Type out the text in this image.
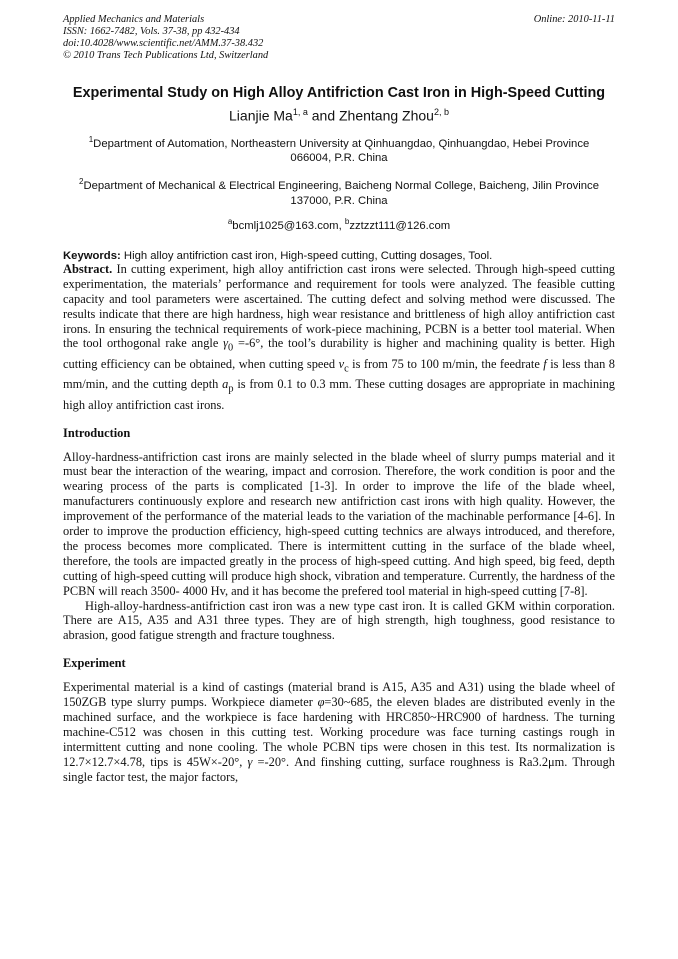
Applied Mechanics and Materials
ISSN: 1662-7482, Vols. 37-38, pp 432-434
doi:10.4028/www.scientific.net/AMM.37-38.432
© 2010 Trans Tech Publications Ltd, Switzerland
Online: 2010-11-11
Experimental Study on High Alloy Antifriction Cast Iron in High-Speed Cutting
Lianjie Ma$^{1, a}$ and Zhentang Zhou$^{2, b}$
$^1$Department of Automation, Northeastern University at Qinhuangdao, Qinhuangdao, Hebei Province 066004, P.R. China
$^2$Department of Mechanical & Electrical Engineering, Baicheng Normal College, Baicheng, Jilin Province 137000, P.R. China
$^a$bcmlj1025@163.com, $^b$zztzzt111@126.com
Keywords: High alloy antifriction cast iron, High-speed cutting, Cutting dosages, Tool.

Abstract. In cutting experiment, high alloy antifriction cast irons were selected. Through high-speed cutting experimentation, the materials’ performance and requirement for tools were analyzed. The feasible cutting capacity and tool parameters were ascertained. The cutting defect and solving method were discussed. The results indicate that there are high hardness, high wear resistance and brittleness of high alloy antifriction cast irons. In ensuring the technical requirements of work-piece machining, PCBN is a better tool material. When the tool orthogonal rake angle $\gamma_0 =-6^\circ$, the tool’s durability is higher and machining quality is better. High cutting efficiency can be obtained, when cutting speed $v_c$ is from 75 to 100 m/min, the feedrate f is less than 8 mm/min, and the cutting depth $a_p$ is from 0.1 to 0.3 mm. These cutting dosages are appropriate in machining high alloy antifriction cast irons.

Introduction

Alloy-hardness-antifriction cast irons are mainly selected in the blade wheel of slurry pumps material and it must bear the interaction of the wearing, impact and corrosion. Therefore, the work condition is poor and the wearing process of the parts is complicated [1-3]. In order to improve the life of the blade wheel, manufacturers continuously explore and research new antifriction cast irons with high quality. However, the improvement of the performance of the material leads to the variation of the machinable performance [4-6]. In order to improve the production efficiency, high-speed cutting technics are always introduced, and therefore, the process becomes more complicated. There is intermittent cutting in the surface of the blade wheel, therefore, the tools are impacted greatly in the process of high-speed cutting. And high speed, big feed, depth cutting of high-speed cutting will produce high shock, vibration and temperature. Currently, the hardness of the PCBN will reach 3500- 4000 Hv, and it has become the prefered tool material in high-speed cutting [7-8].

High-alloy-hardness-antifriction cast iron was a new type cast iron. It is called GKM within corporation. There are A15, A35 and A31 three types. They are of high strength, high toughness, good resistance to abrasion, good fatigue strength and fracture toughness.

Experiment

Experimental material is a kind of castings (material brand is A15, A35 and A31) using the blade wheel of 150ZGB type slurry pumps. Workpiece diameter φ=30~685, the eleven blades are distributed evenly in the machined surface, and the workpiece is face hardening with HRC850~HRC900 of hardness. The turning machine-C512 was chosen in this cutting test. Working procedure was face turning castings rough in intermittent cutting and none cooling. The whole PCBN tips were chosen in this test. Its normalization is 12.7×12.7×4.78, tips is 45W×-20°, γ =-20°. And finshing cutting, surface roughness is Ra3.2μm. Through single factor test, the major factors,
